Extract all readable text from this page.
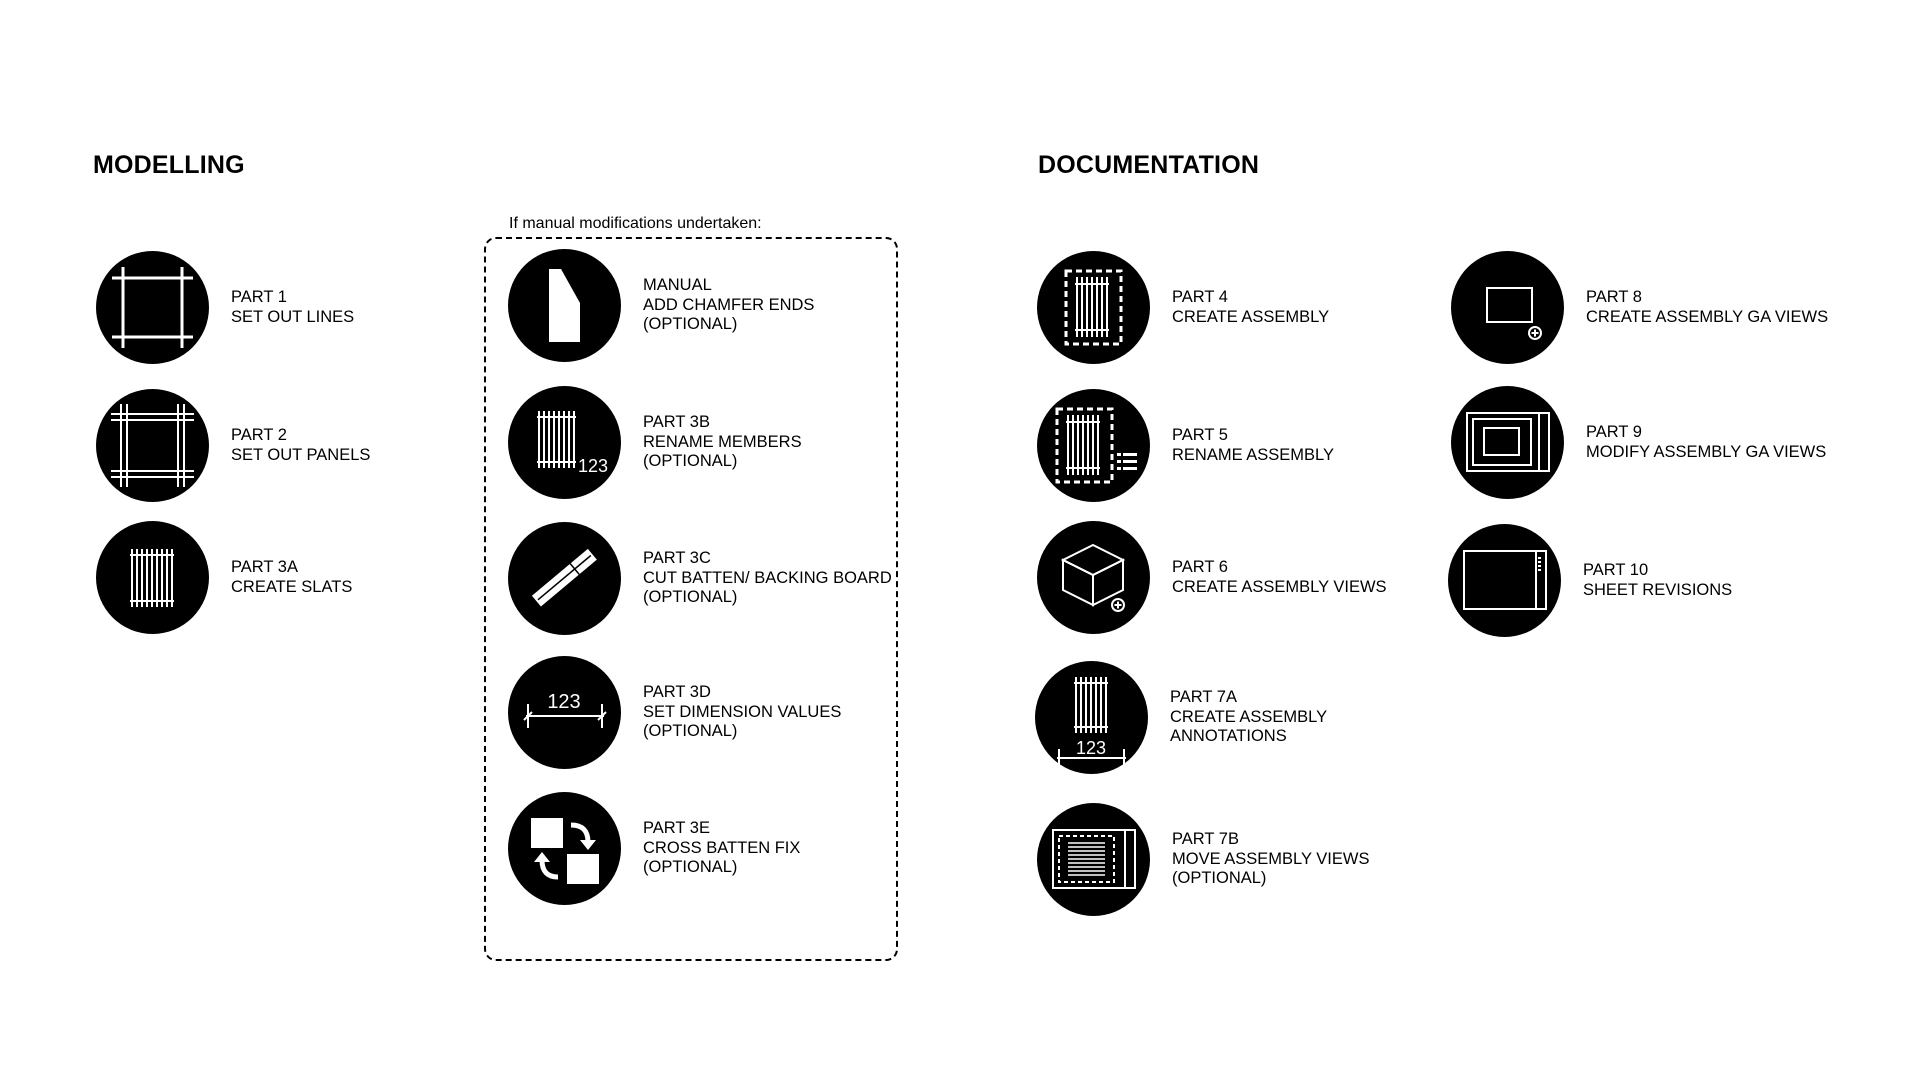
MODELLING	DOCUMENTATION
If manual modifications undertaken:
PART 1
SET OUT LINES
PART 2
SET OUT PANELS
PART 3A
CREATE SLATS
MANUAL
ADD CHAMFER ENDS
(OPTIONAL)
123
PART 3B
RENAME MEMBERS
(OPTIONAL)
PART 3C
CUT BATTEN/ BACKING BOARD
(OPTIONAL)
123	PART 3D
SET DIMENSION VALUES
(OPTIONAL)
PART 3E
CROSS BATTEN FIX
(OPTIONAL)
PART 4
CREATE ASSEMBLY
PART 5
RENAME ASSEMBLY
PART 6
CREATE ASSEMBLY VIEWS
123
PART 7A
CREATE ASSEMBLY
ANNOTATIONS
PART 7B
MOVE ASSEMBLY VIEWS
(OPTIONAL)
PART 8
CREATE ASSEMBLY GA VIEWS
PART 9
MODIFY ASSEMBLY GA VIEWS
PART 10
SHEET REVISIONS
